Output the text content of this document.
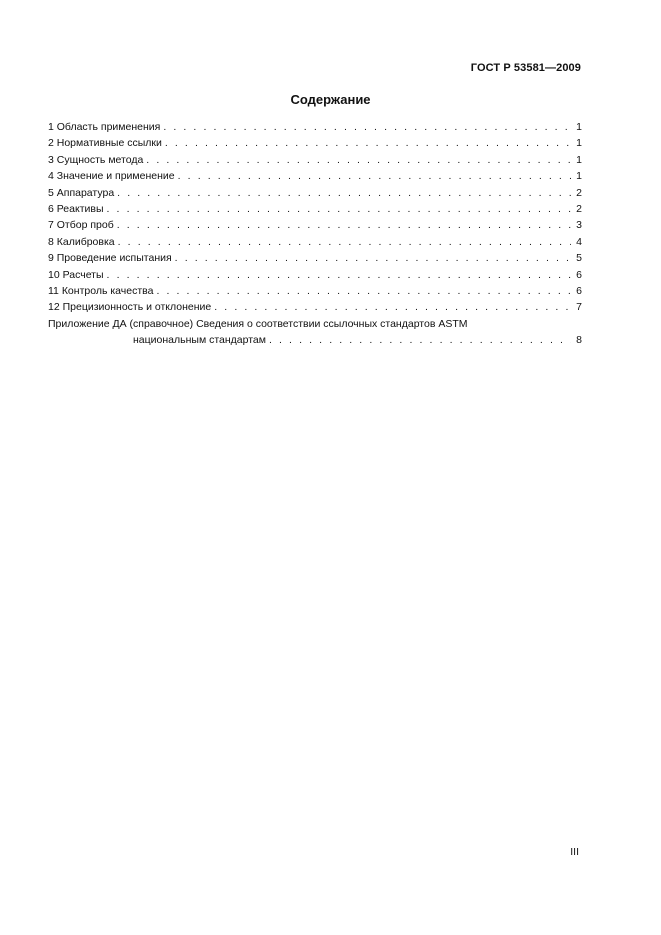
ГОСТ Р 53581—2009
Содержание
1 Область применения . . .	1
2 Нормативные ссылки . . .	1
3 Сущность метода . . .	1
4 Значение и применение . . .	1
5 Аппаратура . . .	2
6 Реактивы . . .	2
7 Отбор проб . . .	3
8 Калибровка . . .	4
9 Проведение испытания . . .	5
10 Расчеты . . .	6
11 Контроль качества . . .	6
12 Прецизионность и отклонение . . .	7
Приложение ДА (справочное) Сведения о соответствии ссылочных стандартов ASTM
национальным стандартам . . .	8
III
